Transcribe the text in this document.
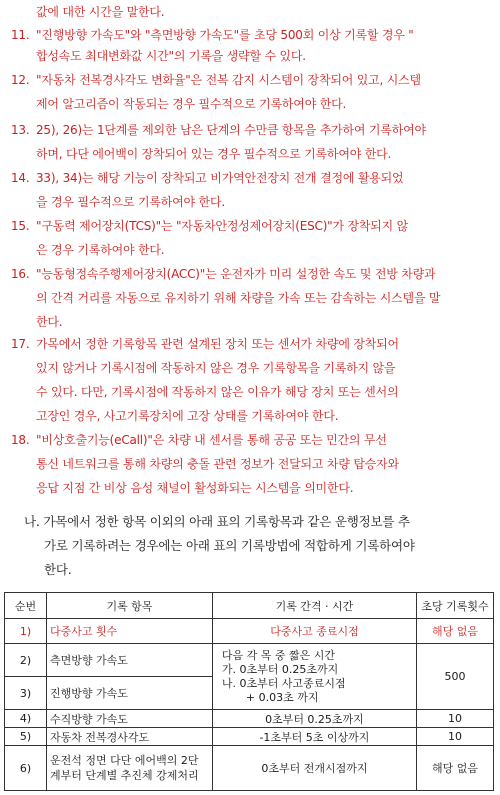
값에 대한 시간을 말한다.
11. "진행방향 가속도"와 "측면방향 가속도"를 초당 500회 이상 기록할 경우 "
합성속도 최대변화값 시간"의 기록을 생략할 수 있다.
12. "자동차 전복경사각도 변화율"은 전복 감지 시스템이 장착되어 있고, 시스템
제어 알고리즘이 작동되는 경우 필수적으로 기록하여야 한다.
13. 25), 26)는 1단계를 제외한 남은 단계의 수만큼 항목을 추가하여 기록하여야
하며, 다단 에어백이 장착되어 있는 경우 필수적으로 기록하여야 한다.
14. 33), 34)는 해당 기능이 장착되고 비가역안전장치 전개 결정에 활용되었
을 경우 필수적으로 기록하여야 한다.
15. "구동력 제어장치(TCS)"는 "자동차안정성제어장치(ESC)"가 장착되지 않
은 경우 기록하여야 한다.
16. "능동형정속주행제어장치(ACC)"는 운전자가 미리 설정한 속도 및 전방 차량과
의 간격 거리를 자동으로 유지하기 위해 차량을 가속 또는 감속하는 시스템을 말
한다.
17. 가목에서 정한 기록항목 관련 설계된 장치 또는 센서가 차량에 장착되어
있지 않거나 기록시점에 작동하지 않은 경우 기록항목을 기록하지 않을
수 있다. 다만, 기록시점에 작동하지 않은 이유가 해당 장치 또는 센서의
고장인 경우, 사고기록장치에 고장 상태를 기록하여야 한다.
18. "비상호출기능(eCall)"은 차량 내 센서를 통해 공공 또는 민간의 무선
통신 네트워크를 통해 차량의 충돌 관련 정보가 전달되고 차량 탑승자와
응답 지점 간 비상 음성 채널이 활성화되는 시스템을 의미한다.
나. 가목에서 정한 항목 이외의 아래 표의 기록항목과 같은 운행정보를 추
가로 기록하려는 경우에는 아래 표의 기록방법에 적합하게 기록하여야
한다.
순번	기록 항목	기록 간격 · 시간	초당 기록횟수
1)	다중사고 횟수	다중사고 종료시점	해당 없음
2)	측면방향 가속도	다음 각 목 중 짧은 시간
가. 0초부터 0.25초까지
나. 0초부터 사고종료시점
+ 0.03초 까지	500
3)	진행방향 가속도		
4)	수직방향 가속도	0초부터 0.25초까지	10
5)	자동차 전복경사각도	-1초부터 5초 이상까지	10
6)	운전석 정면 다단 에어백의 2단계부터 단계별 추진체 강제처리	0초부터 전개시점까지	해당 없음
